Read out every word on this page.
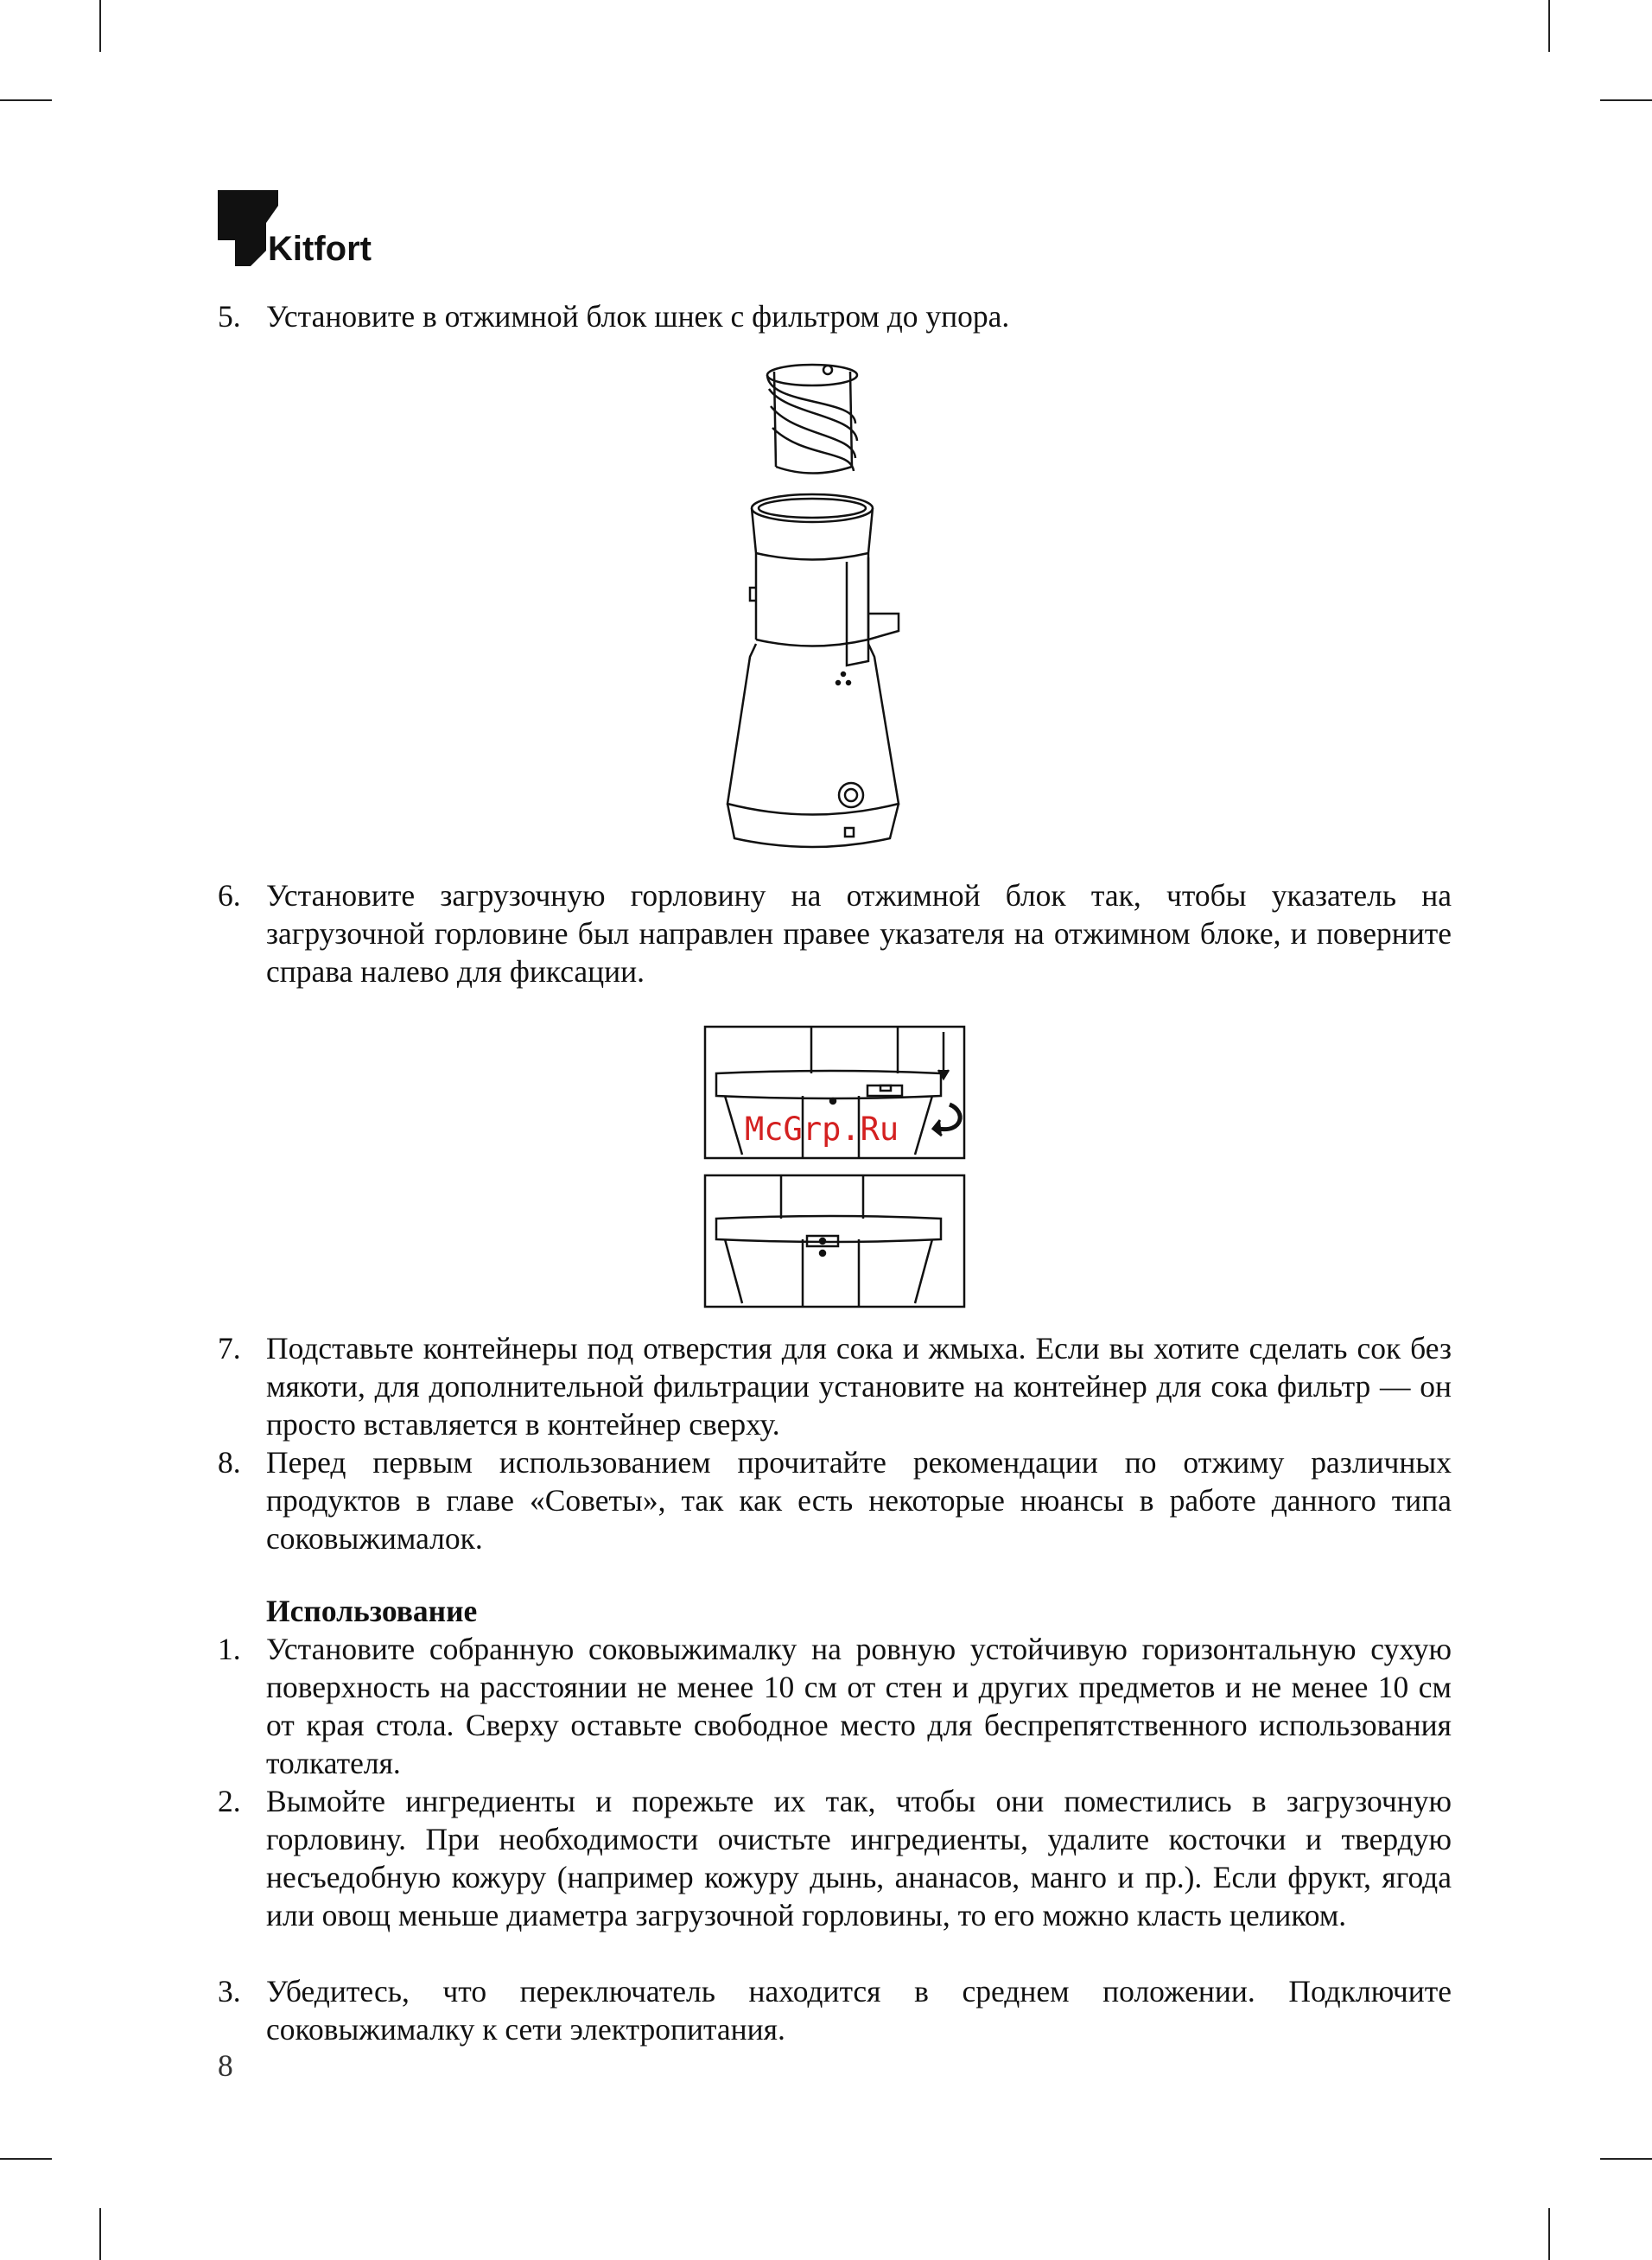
Kitfort
5. Установите в отжимной блок шнек с фильтром до упора.
6. Установите загрузочную горловину на отжимной блок так, чтобы указатель на загрузочной горловине был направлен правее указателя на отжимном блоке, и поверните справа налево для фиксации.
McGrp.Ru
7. Подставьте контейнеры под отверстия для сока и жмыха. Если вы хотите сделать сок без мякоти, для дополнительной фильтрации установите на контейнер для сока фильтр — он просто вставляется в контейнер сверху.
8. Перед первым использованием прочитайте рекомендации по отжиму различных продуктов в главе «Советы», так как есть некоторые нюансы в работе данного типа соковыжималок.
Использование
1. Установите собранную соковыжималку на ровную устойчивую горизонтальную сухую поверхность на расстоянии не менее 10 см от стен и других предметов и не менее 10 см от края стола. Сверху оставьте свободное место для беспрепятственного использования толкателя.
2. Вымойте ингредиенты и порежьте их так, чтобы они поместились в загрузочную горловину. При необходимости очистьте ингредиенты, удалите косточки и твердую несъедобную кожуру (например кожуру дынь, ананасов, манго и пр.). Если фрукт, ягода или овощ меньше диаметра загрузочной горловины, то его можно класть целиком.
3. Убедитесь, что переключатель находится в среднем положении. Подключите соковыжималку к сети электропитания.
8
